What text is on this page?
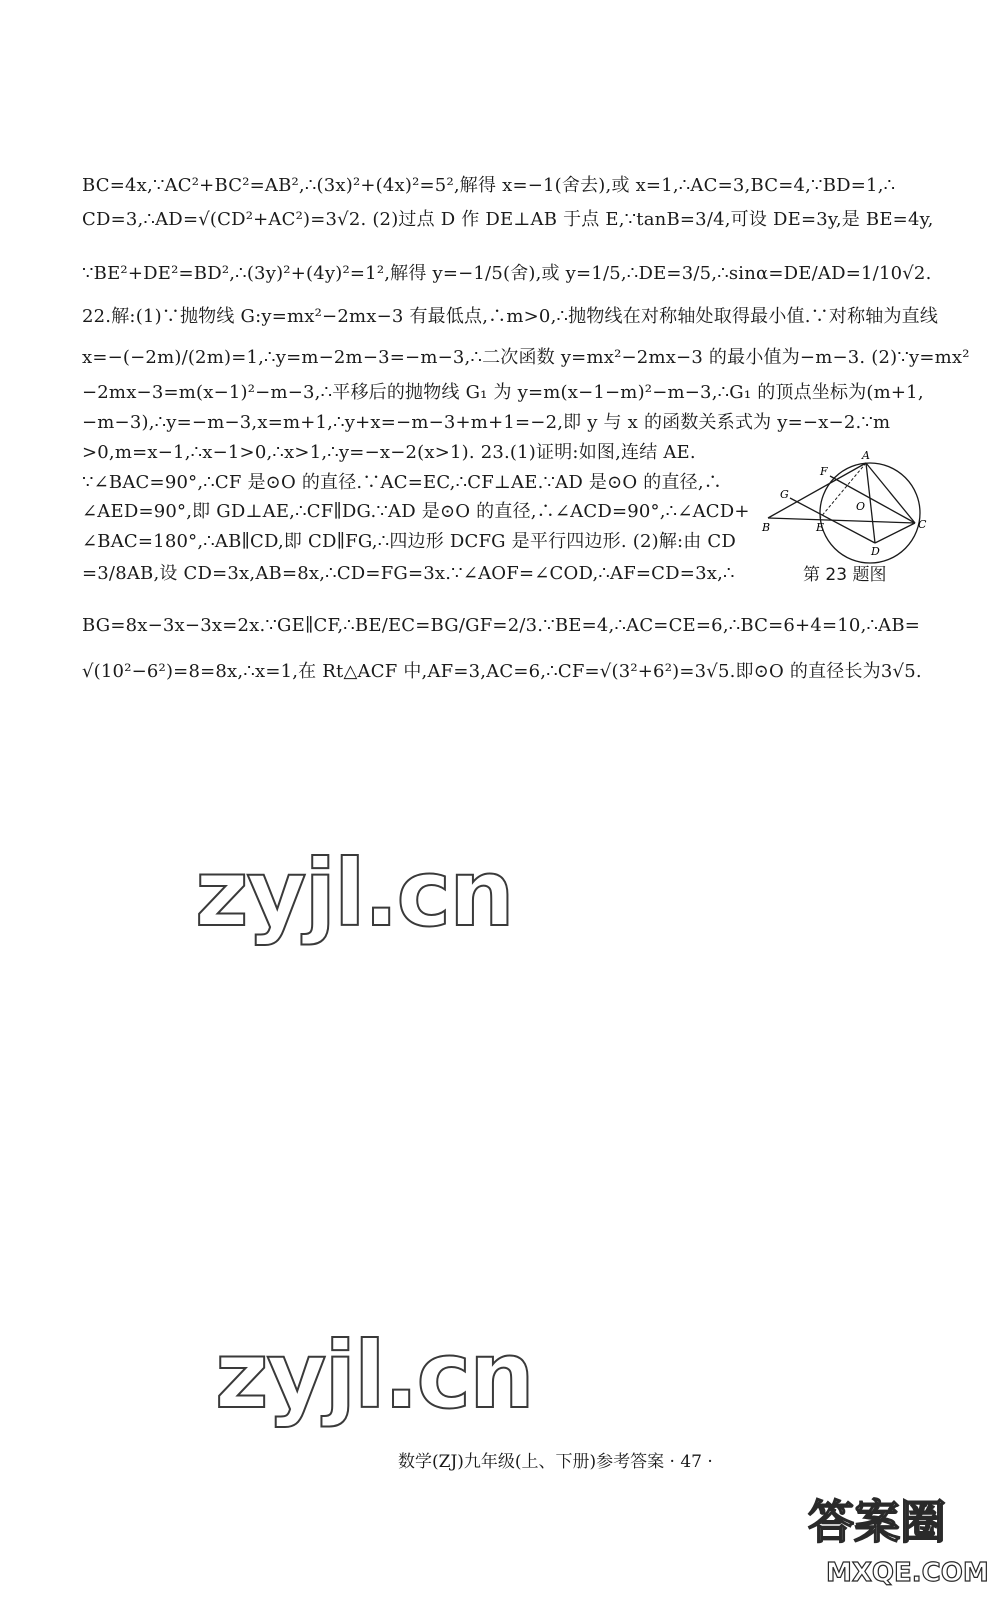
BC=4x,∵AC²+BC²=AB²,∴(3x)²+(4x)²=5²,解得 x=−1(舍去),或 x=1,∴AC=3,BC=4,∵BD=1,∴
CD=3,∴AD=√(CD²+AC²)=3√2. (2)过点 D 作 DE⊥AB 于点 E,∵tanB=3/4,可设 DE=3y,是 BE=4y,
∵BE²+DE²=BD²,∴(3y)²+(4y)²=1²,解得 y=−1/5(舍),或 y=1/5,∴DE=3/5,∴sinα=DE/AD=1/10√2.
22.解:(1)∵抛物线 G:y=mx²−2mx−3 有最低点,∴m>0,∴抛物线在对称轴处取得最小值.∵对称轴为直线
x=−(−2m)/(2m)=1,∴y=m−2m−3=−m−3,∴二次函数 y=mx²−2mx−3 的最小值为−m−3. (2)∵y=mx²
−2mx−3=m(x−1)²−m−3,∴平移后的抛物线 G₁ 为 y=m(x−1−m)²−m−3,∴G₁ 的顶点坐标为(m+1,
−m−3),∴y=−m−3,x=m+1,∴y+x=−m−3+m+1=−2,即 y 与 x 的函数关系式为 y=−x−2.∵m
>0,m=x−1,∴x−1>0,∴x>1,∴y=−x−2(x>1). 23.(1)证明:如图,连结 AE.
∵∠BAC=90°,∴CF 是⊙O 的直径.∵AC=EC,∴CF⊥AE.∵AD 是⊙O 的直径,∴
∠AED=90°,即 GD⊥AE,∴CF∥DG.∵AD 是⊙O 的直径,∴∠ACD=90°,∴∠ACD+
∠BAC=180°,∴AB∥CD,即 CD∥FG,∴四边形 DCFG 是平行四边形. (2)解:由 CD
=3/8AB,设 CD=3x,AB=8x,∴CD=FG=3x.∵∠AOF=∠COD,∴AF=CD=3x,∴
BG=8x−3x−3x=2x.∵GE∥CF,∴BE/EC=BG/GF=2/3.∵BE=4,∴AC=CE=6,∴BC=6+4=10,∴AB=
√(10²−6²)=8=8x,∴x=1,在 Rt△ACF 中,AF=3,AC=6,∴CF=√(3²+6²)=3√5.即⊙O 的直径长为3√5.
A
F
G
O
B	E	C
D
第 23 题图
zyjl.cn
zyjl.cn
数学(ZJ)九年级(上、下册)参考答案 · 47 ·
答案圈
MXQE.COM
